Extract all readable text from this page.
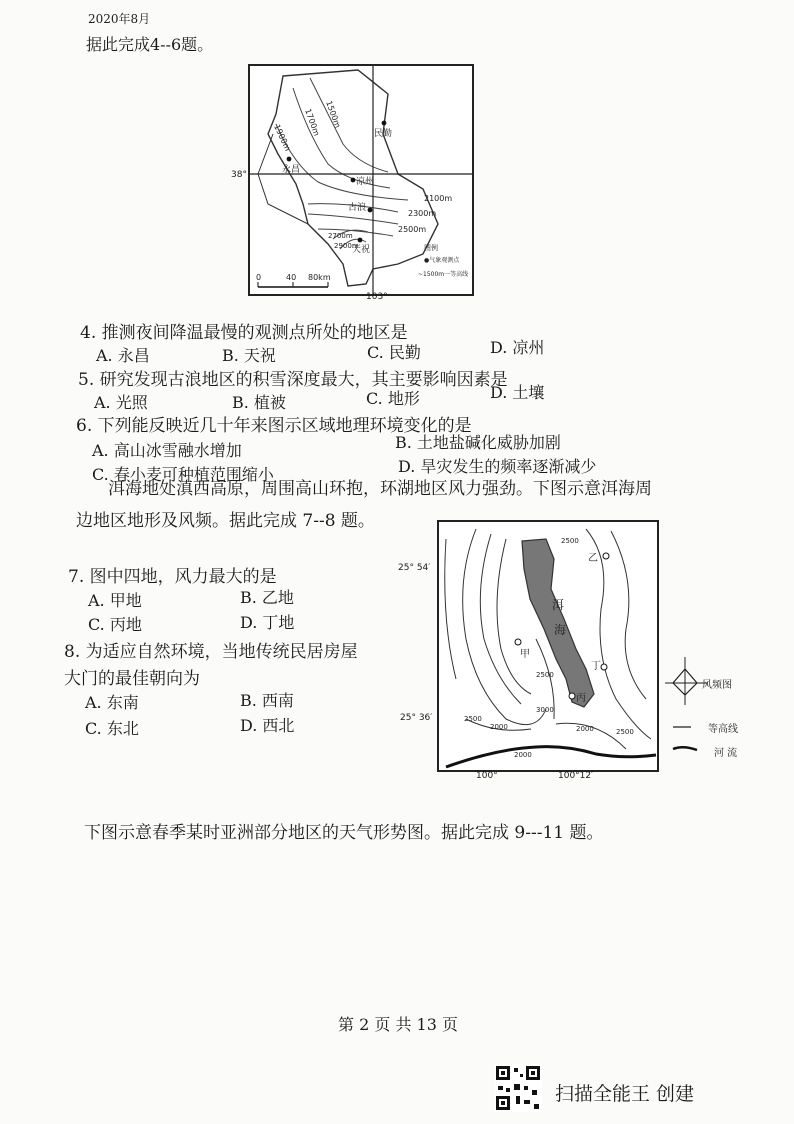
2020年8月
据此完成4--6题。
1500m
1700m
1900m
2100m
2300m
2500m
2700m
2900m
民勤
永昌
凉州
古浪
天祝	图例
●气象观测点
~1500m一等高线
0	40 80km
38°
103°
4. 推测夜间降温最慢的观测点所处的地区是
A. 永昌	B. 天祝	C. 民勤	D. 凉州
5. 研究发现古浪地区的积雪深度最大，其主要影响因素是
A. 光照	B. 植被	C. 地形	D. 土壤
6. 下列能反映近几十年来图示区域地理环境变化的是
A. 高山冰雪融水增加	B. 土地盐碱化威胁加剧
C. 春小麦可种植范围缩小	D. 旱灾发生的频率逐渐减少
洱海地处滇西高原，周围高山环抱，环湖地区风力强劲。下图示意洱海周
边地区地形及风频。据此完成 7--8 题。
洱
海
甲
乙
丙
丁
2500
2500
2500
2500
2000
2000
2000
3000
25° 54′
25° 36′
100°	100°12′
风频图
等高线
河 流
7. 图中四地，风力最大的是
A. 甲地	B. 乙地
C. 丙地	D. 丁地
8. 为适应自然环境，当地传统民居房屋
大门的最佳朝向为
A. 东南	B. 西南
C. 东北	D. 西北
下图示意春季某时亚洲部分地区的天气形势图。据此完成 9---11 题。
第 2 页 共 13 页
扫描全能王 创建
